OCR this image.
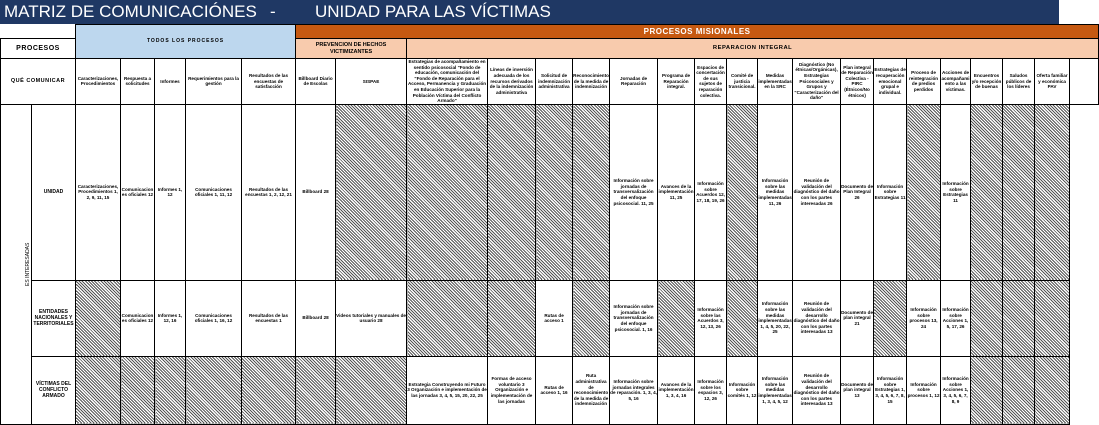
MATRIZ DE COMUNICACIÓNES - UNIDAD PARA LAS VÍCTIMAS
		TODOS LOS PROCESOS					PROCESOS MISIONALES																			
PROCESOS							PREVENCION DE HECHOS VICTIMIZANTES		REPARACION INTEGRAL																	
QUÉ COMUNICAR		Caracterizaciones, Procedimientos	Respuesta a solicitudes	Informes	Requerimientos para la gestión	Resultados de las encuestas de satisfacción	Billboard Diario de Escolas	SISPAE	Estrategias de acompañamiento en sentido psicosocial "Fondo de educación, comunicación del "Fondo de Reparación para el Acceso, Permanencia y Graduación en Educación Superior para la Población Víctima del Conflicto Armado"	Líneas de inversión adecuada de los recursos derivados de la indemnización administrativa	Solicitud de indemnización administrativa	Reconocimiento de la medida de indemnización	Jornadas de Reparación	Programa de Reparación integral.	Espacios de concertación de sus sujetos de reparación colectiva.	Comité de justicia transicional.	Medidas implementadas en la SRC	Diagnóstico (No étnicas/Orgánicas), Estrategias Psicosociales y Grupos y "Caracterización del daño"	Plan integral de Reparación Colectiva - PIRC (Étnicos/No étnicos)	Estrategias de recuperación emocional grupal e individual.	Proceso de reintegración de predios perdidos	Acciones de acompañamiento a las víctimas.	Encuentros y/o recepción de buenas	Saludos públicos de los líderes	Oferta familiar y económica PAV	
ES INTERESADAS	UNIDAD	Caracterizaciones, Procedimientos 1, 2, 9, 11, 15	Comunicaciones oficiales 12	Informes 1, 12	Comunicaciones oficiales 1, 11, 12	Resultados de las encuestas 1, 2, 12, 21	Billboard 28						Información sobre jornadas de transversalización del enfoque psicosocial. 11, 25	Avances de la implementación 11, 25	Información sobre Acuerdos 12, 17, 18, 19, 26		Información sobre las medidas implementadas 11, 26	Reunión de validación del diagnóstico del daño con los partes interesadas 26	Documento de Plan Integral 26	Información sobre Estrategias 11		Información sobre Estrategias 11				
	ENTIDADES NACIONALES Y TERRITORIALES		Comunicaciones oficiales 12	Informes 1, 12, 16	Comunicaciones oficiales 1, 16, 12	Resultados de las encuestas 1	Billboard 28	Videos tutoriales y manuales de usuario 28			Rutas de acceso 1		Información sobre jornadas de transversalización del enfoque psicosocial. 1, 16		Información sobre las Acuerdos 3, 12, 13, 26		Información sobre las medidas implementadas 1, 4, 5, 20, 22, 25	Reunión de validación del desarrollo diagnóstico del daño con los partes interesadas 13	Documento de plan integral 21		Información sobre procesos 13, 24	Información sobre Acciones 1, 5, 17, 26				
	VÍCTIMAS DEL CONFLICTO ARMADO								Estrategia Construyendo mi Futuro 3 Organización e implementación de las jornadas 3, 4, 5, 15, 20, 22, 25	Formas de acceso voluntario 3 Organización e implementación de las jornadas	Rutas de acceso 1, 16	Ruta administrativa de reconocimiento de la medida de indemnización	Información sobre jornadas integrales de reparación. 1, 3, 4, 5, 16	Avances de la implementación 1, 3, 4, 16	Información sobre los espacios 3, 12, 26	Información sobre comités 1, 12	Información sobre las medidas implementadas 1, 3, 4, 5, 12	Reunión de validación del desarrollo diagnóstico del daño con los partes interesadas 13	Documento de plan integral 13	Información sobre Estrategias 1, 3, 4, 5, 6, 7, 8, 15	Información sobre procesos 1, 12	Información sobre Acciones 1, 3, 4, 5, 6, 7, 8, 9				
